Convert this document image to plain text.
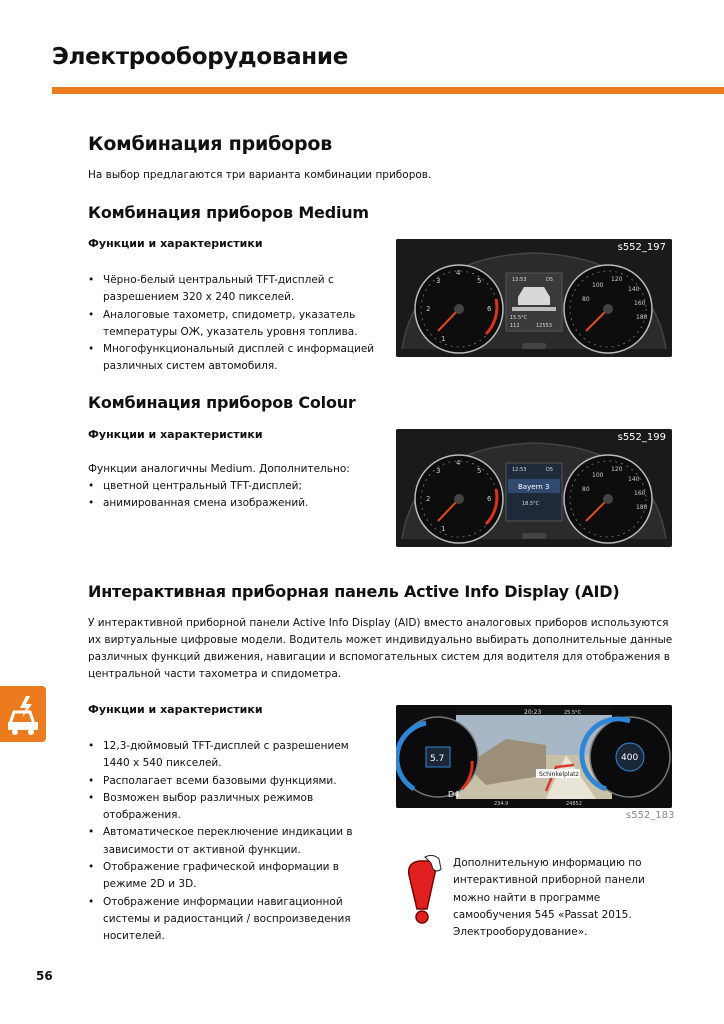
Электрооборудование
Комбинация приборов

На выбор предлагаются три варианта комбинации приборов.

Комбинация приборов Medium
Функции и характеристики
• Чёрно-белый центральный TFT-дисплей с разрешением 320 x 240 пикселей.
• Аналоговые тахометр, спидометр, указатель температуры ОЖ, указатель уровня топлива.
• Многофункциональный дисплей с информацией различных систем автомобиля.
1
2
3
4
5
6
100
120
140
160
180
80
13:53	D5
15.5°C
12553
112
s552_197
Комбинация приборов Colour
Функции и характеристики

Функции аналогичны Medium. Дополнительно:

• цветной центральный TFT-дисплей;
• анимированная смена изображений.
1
2
3
4
5
6
100
120
140
160
180
80
Bayern 3
12:53	D5
18.5°C
s552_199
Интерактивная приборная панель Active Info Display (AID)

У интерактивной приборной панели Active Info Display (AID) вместо аналоговых приборов используются их виртуальные цифровые модели. Водитель может индивидуально выбирать дополнительные данные различных функций движения, навигации и вспомогательных систем для водителя для отображения в центральной части тахометра и спидометра.

Функции и характеристики
• 12,3-дюймовый TFT-дисплей с разрешением 1440 x 540 пикселей.
• Располагает всеми базовыми функциями.
• Возможен выбор различных режимов отображения.
• Автоматическое переключение индикации в зависимости от активной функции.
• Отображение графической информации в режиме 2D и 3D.
• Отображение информации навигационной системы и радиостанций / воспроизведения носителей.
Schinkelplatz
20:23	25.5°C
5.7	400
D4
234.9	24852
s552_183
Дополнительную информацию по интерактивной приборной панели можно найти в программе самообучения 545 «Passat 2015. Электрооборудование».
56
